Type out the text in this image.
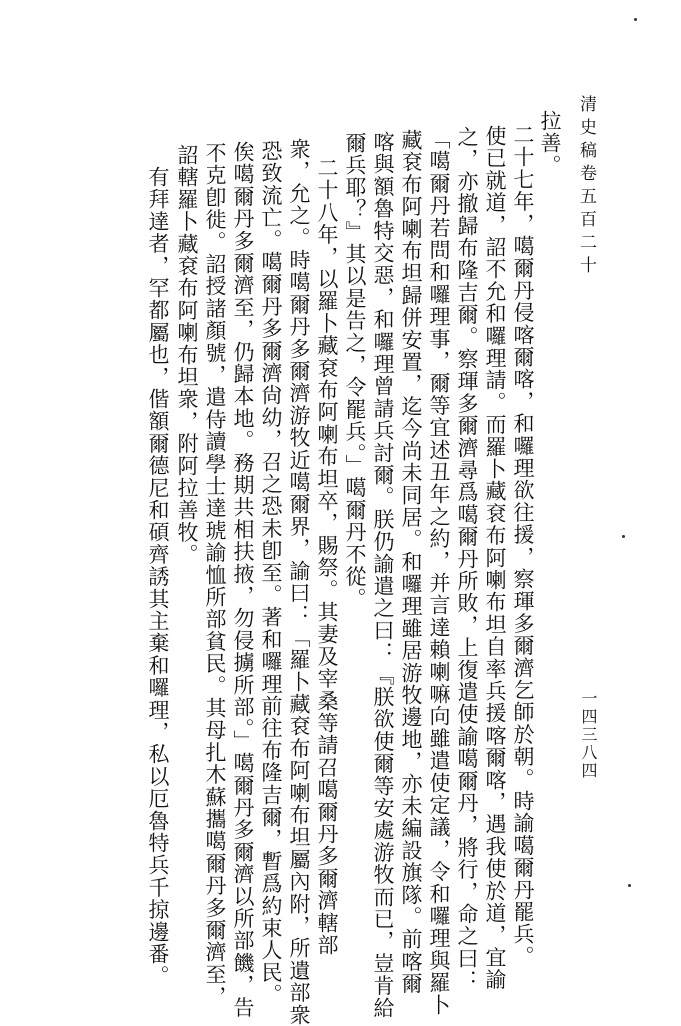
清史稿卷五百二十
一四三八四
拉善。
二十七年，噶爾丹侵喀爾喀，和囉理欲往援，察琿多爾濟乞師於朝。時諭噶爾丹罷兵。
使已就道，詔不允和囉理請。而羅卜藏袞布阿喇布坦自率兵援喀爾喀，遇我使於道，宜諭
之，亦撤歸布隆吉爾。察琿多爾濟尋爲噶爾丹所敗，上復遣使諭噶爾丹，將行，命之曰：
「噶爾丹若問和囉理事，爾等宜述丑年之約，并言達賴喇嘛向雖遣使定議，令和囉理與羅卜
藏袞布阿喇布坦歸併安置，迄今尚未同居。和囉理雖居游牧邊地，亦未編設旗隊。前喀爾
喀與額魯特交惡，和囉理曾請兵討爾。朕仍諭遣之曰：『朕欲使爾等安處游牧而已，豈肯給
爾兵耶？』其以是告之，令罷兵。」噶爾丹不從。
二十八年，以羅卜藏袞布阿喇布坦卒，賜祭。其妻及宰桑等請召噶爾丹多爾濟轄部
衆，允之。時噶爾丹多爾濟游牧近噶爾界，諭曰：「羅卜藏袞布阿喇布坦屬內附，所遺部衆
恐致流亡。噶爾丹多爾濟尙幼，召之恐未卽至。著和囉理前往布隆吉爾，暫爲約束人民。
俟噶爾丹多爾濟至，仍歸本地。務期共相扶掖，勿侵擄所部。」噶爾丹多爾濟以所部饑，告
不克卽徙。詔授諸顏號，遣侍讀學士達琥諭恤所部貧民。其母扎木蘇攜噶爾丹多爾濟至，
詔轄羅卜藏袞布阿喇布坦衆，附阿拉善牧。
有拜達者，罕都屬也，偕額爾德尼和碩齊誘其主棄和囉理，私以厄魯特兵千掠邊番。
